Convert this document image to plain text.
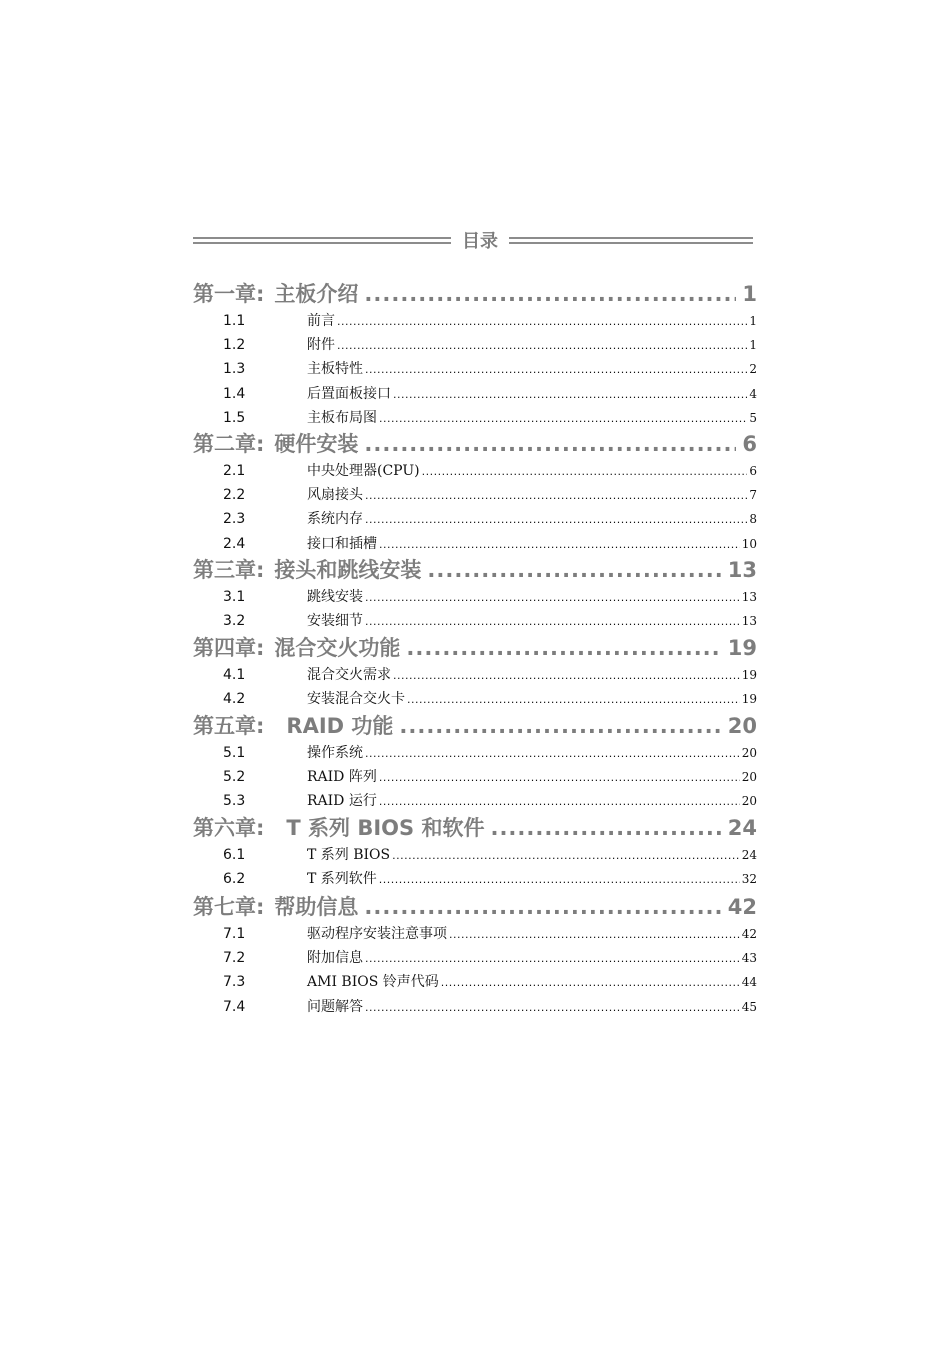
目录
第一章: 主板介绍 .....	1
1.1	前言 .....	1
1.2	附件 .....	1
1.3	主板特性 .....	2
1.4	后置面板接口 .....	4
1.5	主板布局图 .....	5
第二章: 硬件安装 .....	6
2.1	中央处理器(CPU) .....	6
2.2	风扇接头 .....	7
2.3	系统内存 .....	8
2.4	接口和插槽 .....	10
第三章: 接头和跳线安装 .....	13
3.1	跳线安装 .....	13
3.2	安装细节 .....	13
第四章: 混合交火功能 .....	19
4.1	混合交火需求 .....	19
4.2	安装混合交火卡 .....	19
第五章: RAID 功能 .....	20
5.1	操作系统 .....	20
5.2	RAID 阵列 .....	20
5.3	RAID 运行 .....	20
第六章: T 系列 BIOS 和软件 .....	24
6.1	T 系列 BIOS .....	24
6.2	T 系列软件 .....	32
第七章: 帮助信息 .....	42
7.1	驱动程序安装注意事项 .....	42
7.2	附加信息 .....	43
7.3	AMI BIOS 铃声代码 .....	44
7.4	问题解答 .....	45
